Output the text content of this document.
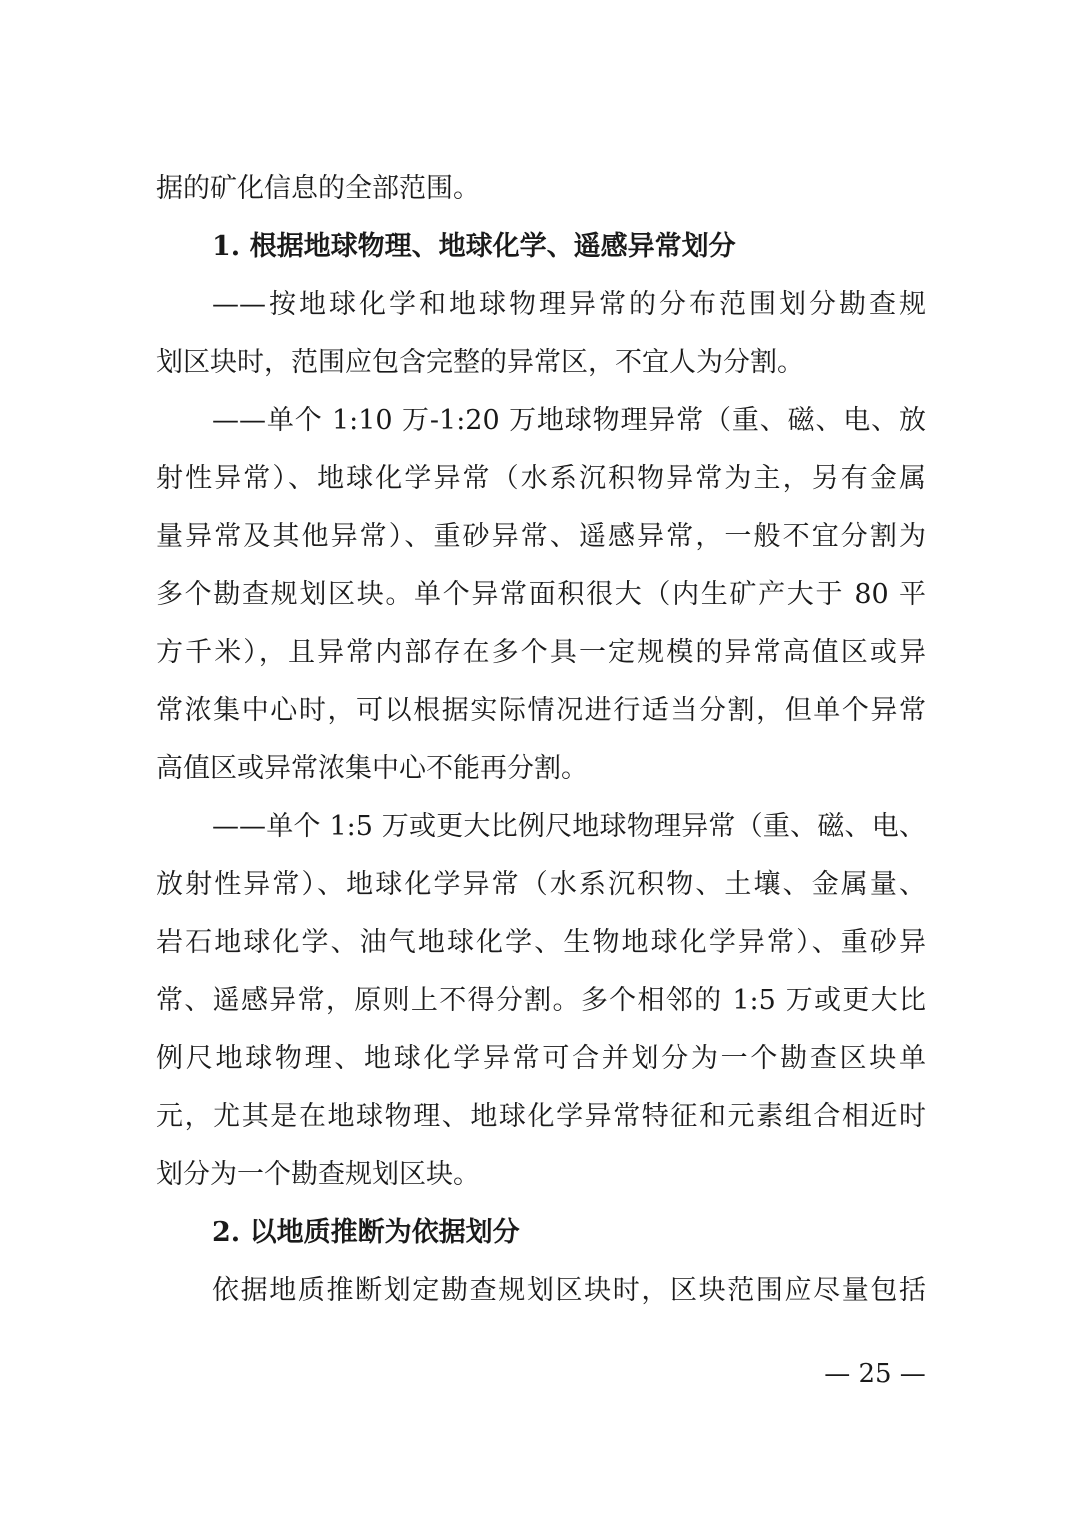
据的矿化信息的全部范围。
1. 根据地球物理、地球化学、遥感异常划分
——按地球化学和地球物理异常的分布范围划分勘查规
划区块时，范围应包含完整的异常区，不宜人为分割。
——单个 1:10 万-1:20 万地球物理异常（重、磁、电、放
射性异常）、地球化学异常（水系沉积物异常为主，另有金属
量异常及其他异常）、重砂异常、遥感异常，一般不宜分割为
多个勘查规划区块。单个异常面积很大（内生矿产大于 80 平
方千米），且异常内部存在多个具一定规模的异常高值区或异
常浓集中心时，可以根据实际情况进行适当分割，但单个异常
高值区或异常浓集中心不能再分割。
——单个 1:5 万或更大比例尺地球物理异常（重、磁、电、
放射性异常）、地球化学异常（水系沉积物、土壤、金属量、
岩石地球化学、油气地球化学、生物地球化学异常）、重砂异
常、遥感异常，原则上不得分割。多个相邻的 1:5 万或更大比
例尺地球物理、地球化学异常可合并划分为一个勘查区块单
元，尤其是在地球物理、地球化学异常特征和元素组合相近时
划分为一个勘查规划区块。
2. 以地质推断为依据划分
依据地质推断划定勘查规划区块时，区块范围应尽量包括
— 25 —
